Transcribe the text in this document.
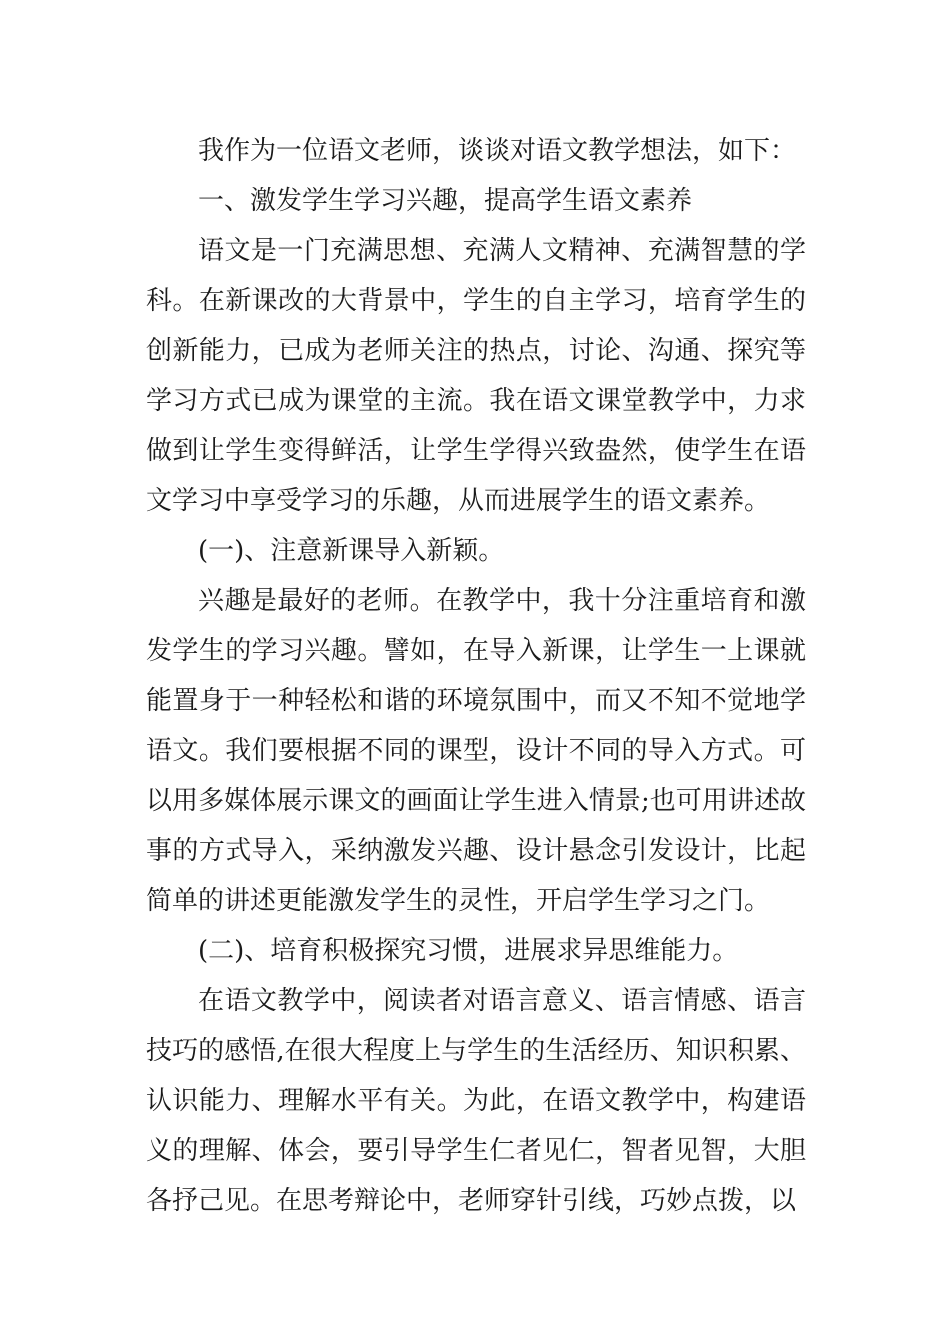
我作为一位语文老师，谈谈对语文教学想法，如下：

一、激发学生学习兴趣，提高学生语文素养

语文是一门充满思想、充满人文精神、充满智慧的学科。在新课改的大背景中，学生的自主学习，培育学生的创新能力，已成为老师关注的热点，讨论、沟通、探究等学习方式已成为课堂的主流。我在语文课堂教学中，力求做到让学生变得鲜活，让学生学得兴致盎然，使学生在语文学习中享受学习的乐趣，从而进展学生的语文素养。

(一)、注意新课导入新颖。

兴趣是最好的老师。在教学中，我十分注重培育和激发学生的学习兴趣。譬如，在导入新课，让学生一上课就能置身于一种轻松和谐的环境氛围中，而又不知不觉地学语文。我们要根据不同的课型，设计不同的导入方式。可以用多媒体展示课文的画面让学生进入情景;也可用讲述故事的方式导入，采纳激发兴趣、设计悬念引发设计，比起简单的讲述更能激发学生的灵性，开启学生学习之门。

(二)、培育积极探究习惯，进展求异思维能力。

在语文教学中，阅读者对语言意义、语言情感、语言技巧的感悟,在很大程度上与学生的生活经历、知识积累、认识能力、理解水平有关。为此，在语文教学中，构建语义的理解、体会，要引导学生仁者见仁，智者见智，大胆各抒己见。在思考辩论中，老师穿针引线，巧妙点拨，以
